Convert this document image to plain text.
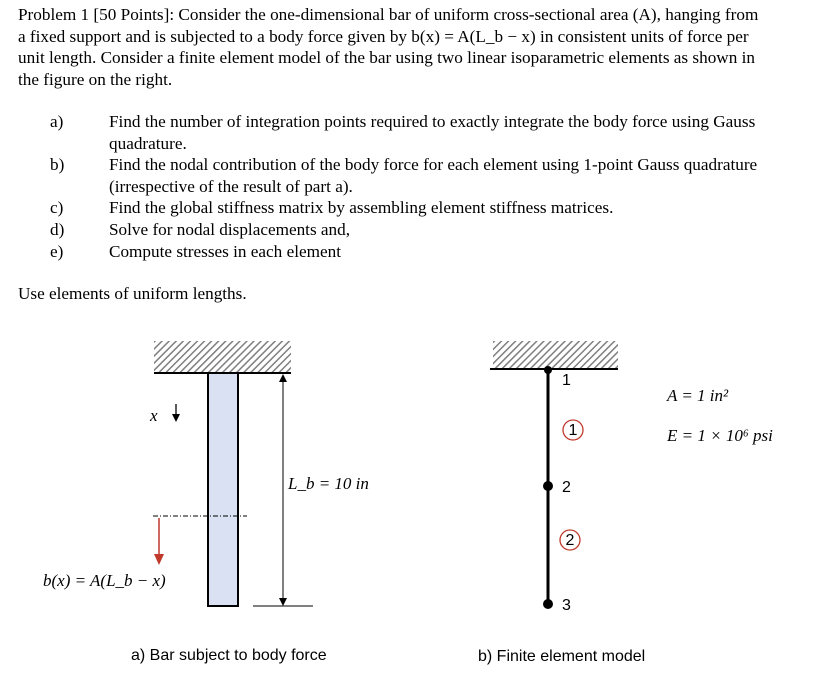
Problem 1 [50 Points]: Consider the one-dimensional bar of uniform cross-sectional area (A), hanging from
a fixed support and is subjected to a body force given by b(x) = A(L_b − x) in consistent units of force per
unit length. Consider a finite element model of the bar using two linear isoparametric elements as shown in
the figure on the right.
a)	Find the number of integration points required to exactly integrate the body force using Gauss
quadrature.
b)	Find the nodal contribution of the body force for each element using 1-point Gauss quadrature
(irrespective of the result of part a).
c)	Find the global stiffness matrix by assembling element stiffness matrices.
d)	Solve for nodal displacements and,
e)	Compute stresses in each element
Use elements of uniform lengths.
x
L_b = 10 in
b(x) = A(L_b − x)
a) Bar subject to body force
1
2
3
1
2
b) Finite element model
A = 1 in²
E = 1 × 10⁶ psi
